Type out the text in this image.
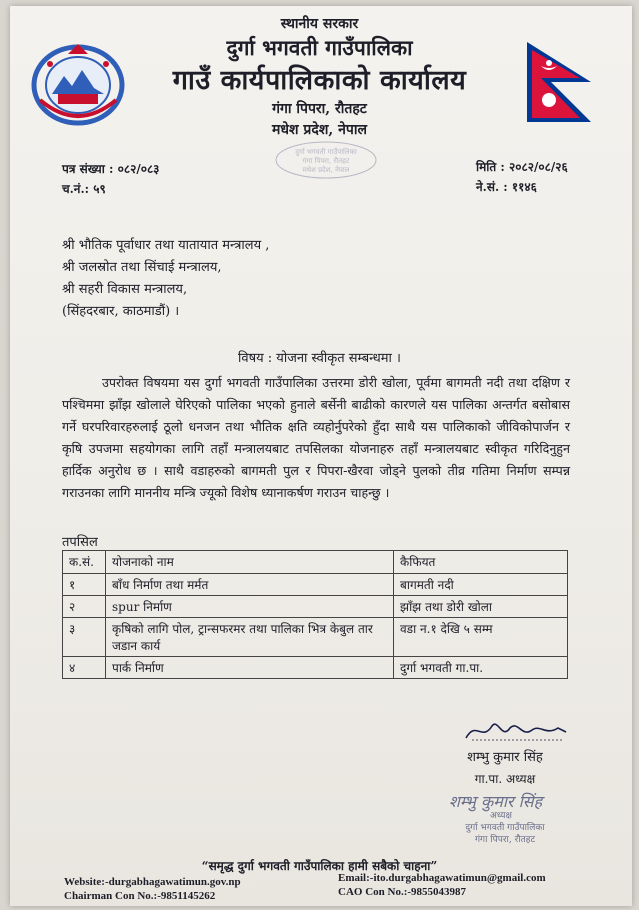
स्थानीय सरकार
दुर्गा भगवती गाउँपालिका
गाउँ कार्यपालिकाको कार्यालय
गंगा पिपरा, रौतहट
मधेश प्रदेश, नेपाल
दुर्गा भगवती गाउँपालिका
गंगा पिपरा, रौतहट
मधेश प्रदेश, नेपाल
पत्र संख्या : ०८२/०८३
च.नं.: ५९
मिति : २०८२/०८/२६
ने.सं. : ११४६
श्री भौतिक पूर्वाधार तथा यातायात मन्त्रालय ,
श्री जलस्रोत तथा सिंचाई मन्त्रालय,
श्री सहरी विकास मन्त्रालय,
(सिंहदरबार, काठमाडौं) ।
विषय : योजना स्वीकृत सम्बन्धमा ।
उपरोक्त विषयमा यस दुर्गा भगवती गाउँपालिका उत्तरमा डोरी खोला, पूर्वमा बागमती नदी तथा दक्षिण र पश्चिममा झाँझ खोलाले घेरिएको पालिका भएको हुनाले बर्सेनी बाढीको कारणले यस पालिका अन्तर्गत बसोबास गर्ने घरपरिवारहरुलाई ठूलो धनजन तथा भौतिक क्षति व्यहोर्नुपरेको हुँदा साथै यस पालिकाको जीविकोपार्जन र कृषि उपजमा सहयोगका लागि तहाँ मन्त्रालयबाट तपसिलका योजनाहरु तहाँ मन्त्रालयबाट स्वीकृत गरिदिनुहुन हार्दिक अनुरोध छ । साथै वडाहरुको बागमती पुल र पिपरा-खैरवा जोड्ने पुलको तीव्र गतिमा निर्माण सम्पन्न गराउनका लागि माननीय मन्त्रि ज्यूको विशेष ध्यानाकर्षण गराउन चाहन्छु ।
तपसिल
क.सं.	योजनाको नाम	कैफियत
१	बाँध निर्माण तथा मर्मत	बागमती नदी
२	spur निर्माण	झाँझ तथा डोरी खोला
३	कृषिको लागि पोल, ट्रान्सफरमर तथा पालिका भित्र केबुल तार जडान कार्य	वडा न.१ देखि ५ सम्म
४	पार्क निर्माण	दुर्गा भगवती गा.पा.
शम्भु कुमार सिंह
गा.पा. अध्यक्ष
शम्भु कुमार सिंह
अध्यक्ष
दुर्गा भगवती गाउँपालिका
गंगा पिपरा, रौतहट
“समृद्ध दुर्गा भगवती गाउँपालिका हामी सबैको चाहना”
Website:-durgabhagawatimun.gov.np
Chairman Con No.:-9851145262
Email:-ito.durgabhagawatimun@gmail.com
CAO Con No.:-9855043987
